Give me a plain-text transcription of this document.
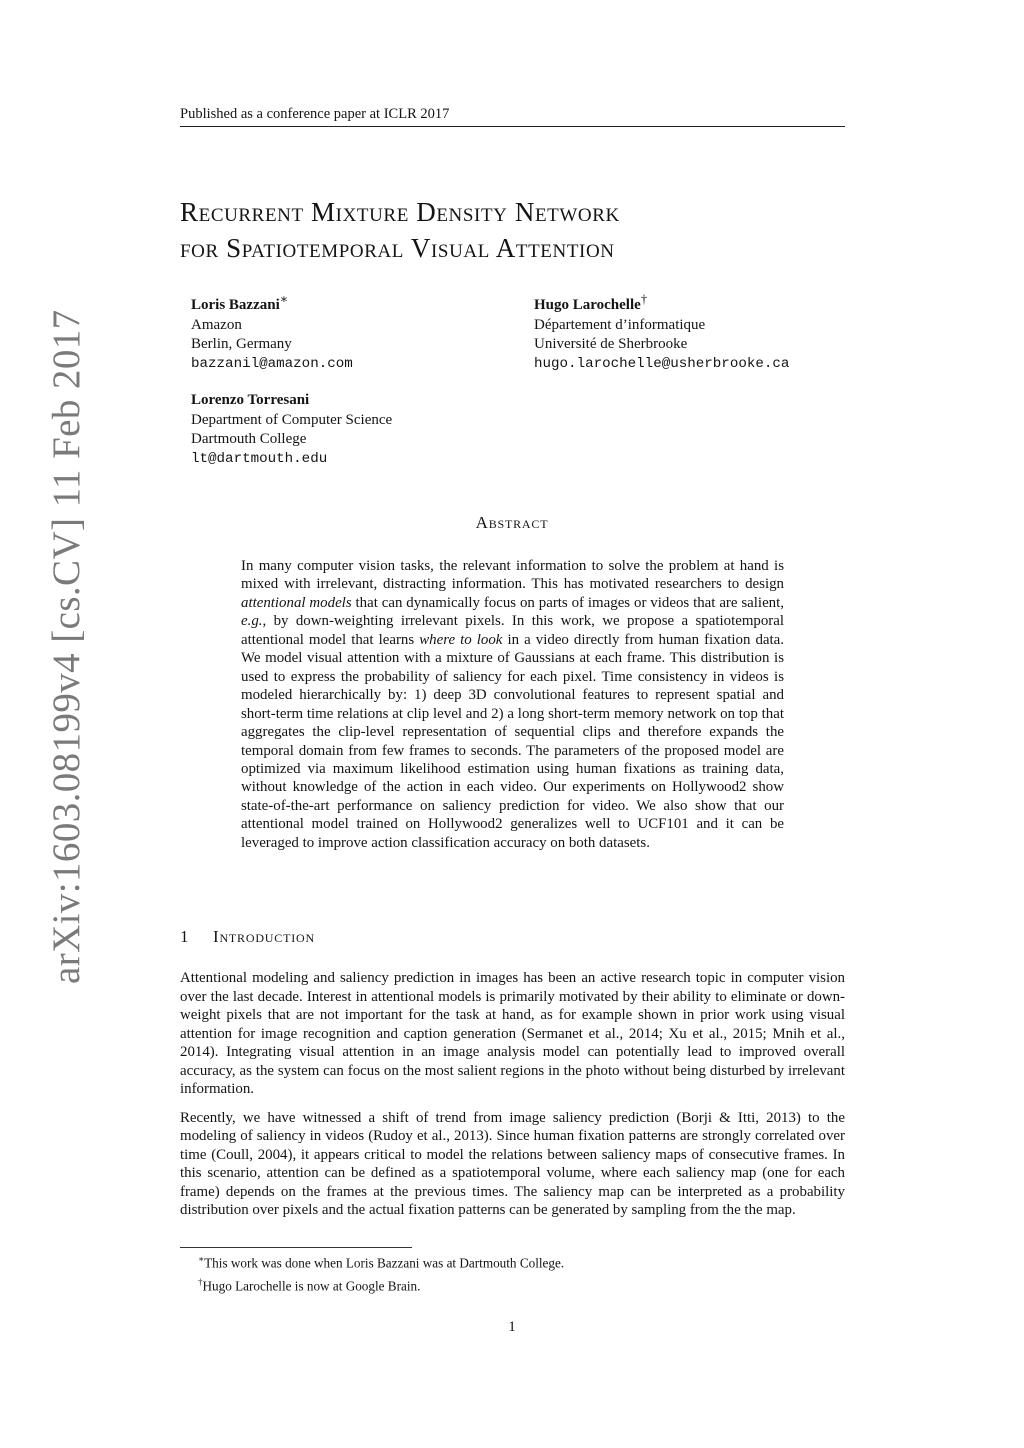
Published as a conference paper at ICLR 2017
arXiv:1603.08199v4 [cs.CV] 11 Feb 2017
Recurrent Mixture Density Network
for Spatiotemporal Visual Attention
Loris Bazzani∗
Amazon
Berlin, Germany
bazzanil@amazon.com
Hugo Larochelle†
Département d’informatique
Université de Sherbrooke
hugo.larochelle@usherbrooke.ca
Lorenzo Torresani
Department of Computer Science
Dartmouth College
lt@dartmouth.edu
Abstract
In many computer vision tasks, the relevant information to solve the problem at hand is mixed with irrelevant, distracting information. This has motivated researchers to design attentional models that can dynamically focus on parts of images or videos that are salient, e.g., by down-weighting irrelevant pixels. In this work, we propose a spatiotemporal attentional model that learns where to look in a video directly from human fixation data. We model visual attention with a mixture of Gaussians at each frame. This distribution is used to express the probability of saliency for each pixel. Time consistency in videos is modeled hierarchically by: 1) deep 3D convolutional features to represent spatial and short-term time relations at clip level and 2) a long short-term memory network on top that aggregates the clip-level representation of sequential clips and therefore expands the temporal domain from few frames to seconds. The parameters of the proposed model are optimized via maximum likelihood estimation using human fixations as training data, without knowledge of the action in each video. Our experiments on Hollywood2 show state-of-the-art performance on saliency prediction for video. We also show that our attentional model trained on Hollywood2 generalizes well to UCF101 and it can be leveraged to improve action classification accuracy on both datasets.
1 Introduction

Attentional modeling and saliency prediction in images has been an active research topic in computer vision over the last decade. Interest in attentional models is primarily motivated by their ability to eliminate or down-weight pixels that are not important for the task at hand, as for example shown in prior work using visual attention for image recognition and caption generation (Sermanet et al., 2014; Xu et al., 2015; Mnih et al., 2014). Integrating visual attention in an image analysis model can potentially lead to improved overall accuracy, as the system can focus on the most salient regions in the photo without being disturbed by irrelevant information.

Recently, we have witnessed a shift of trend from image saliency prediction (Borji & Itti, 2013) to the modeling of saliency in videos (Rudoy et al., 2013). Since human fixation patterns are strongly correlated over time (Coull, 2004), it appears critical to model the relations between saliency maps of consecutive frames. In this scenario, attention can be defined as a spatiotemporal volume, where each saliency map (one for each frame) depends on the frames at the previous times. The saliency map can be interpreted as a probability distribution over pixels and the actual fixation patterns can be generated by sampling from the the map.

∗This work was done when Loris Bazzani was at Dartmouth College.
†Hugo Larochelle is now at Google Brain.
1
